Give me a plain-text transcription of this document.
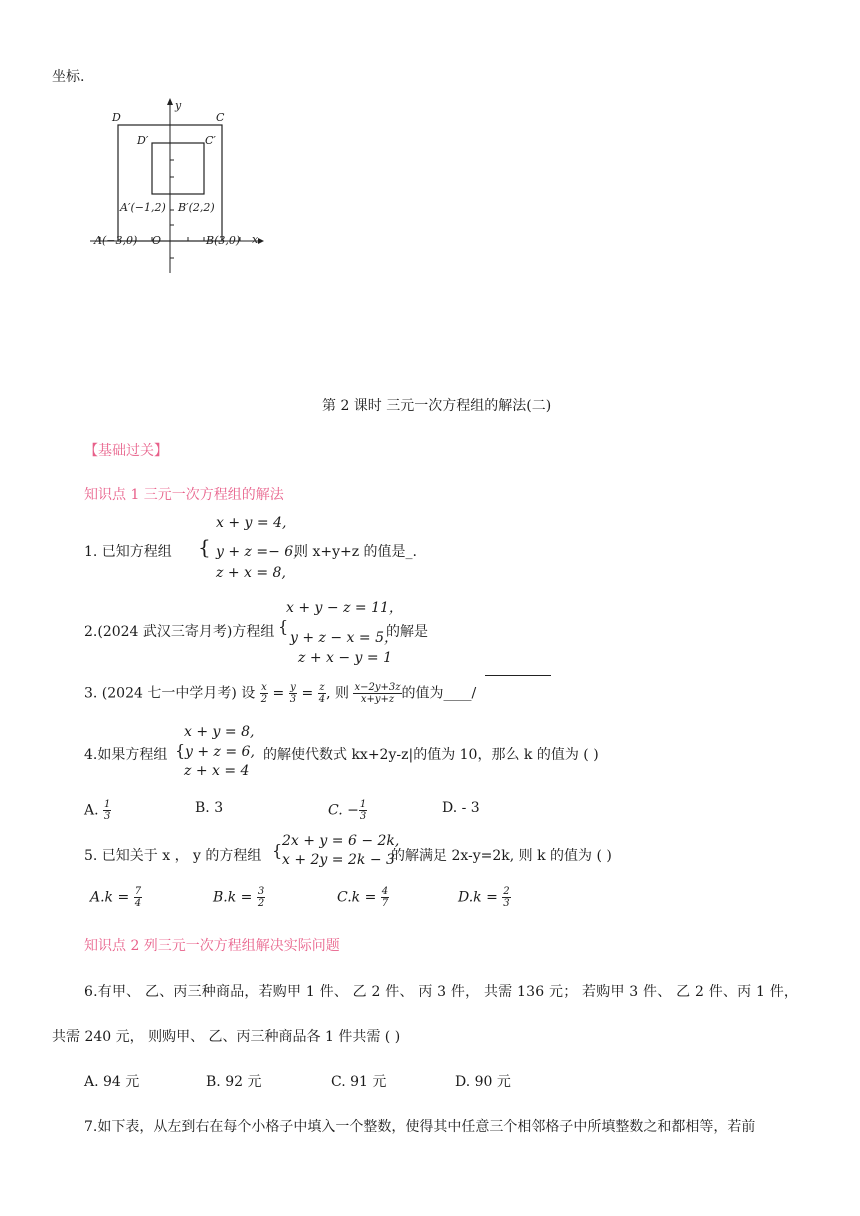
坐标.
y
x
D	C
D′	C′
A′(−1,2) B′(2,2)
A(−3,0) O	B(3,0)
第 2 课时 三元一次方程组的解法(二)
【基础过关】
知识点 1 三元一次方程组的解法
x + y = 4,
1. 已知方程组 { y + z =− 6，
则 x+y+z 的值是_.
z + x = 8,
x + y − z = 11，
2.(2024 武汉三寄月考)方程组 {
y + z − x = 5，
的解是
z + x − y = 1
3. (2024 七一中学月考) 设 $\frac{x}{2} = \frac{y}{3} = \frac{z}{4}$ , 则 $\frac{x-2y+3z}{x+y+z}$ 的值为____/
x + y = 8,
4.如果方程组 { y + z = 6, 的解使代数式 kx+2y-z|的值为 10，那么 k 的值为 ( )
z + x = 4
A. $\frac{1}{3}$	B. 3	C. − $\frac{1}{3}$	D. - 3
5. 已知关于 x ， y 的方程组 { 2x + y = 6 − 2k,
x + 2y = 2k − 3
的解满足 2x-y=2k, 则 k 的值为 ( )
$A.k = \frac{7}{4}$	$B.k = \frac{3}{2}$	$C.k = \frac{4}{7}$	$D.k = \frac{2}{3}$
知识点 2 列三元一次方程组解决实际问题
6.有甲、 乙、丙三种商品，若购甲 1 件、 乙 2 件、 丙 3 件， 共需 136 元； 若购甲 3 件、 乙 2 件、丙 1 件，
共需 240 元， 则购甲、 乙、丙三种商品各 1 件共需 ( )
A. 94 元	B. 92 元	C. 91 元	D. 90 元
7.如下表，从左到右在每个小格子中填入一个整数，使得其中任意三个相邻格子中所填整数之和都相等，若前
